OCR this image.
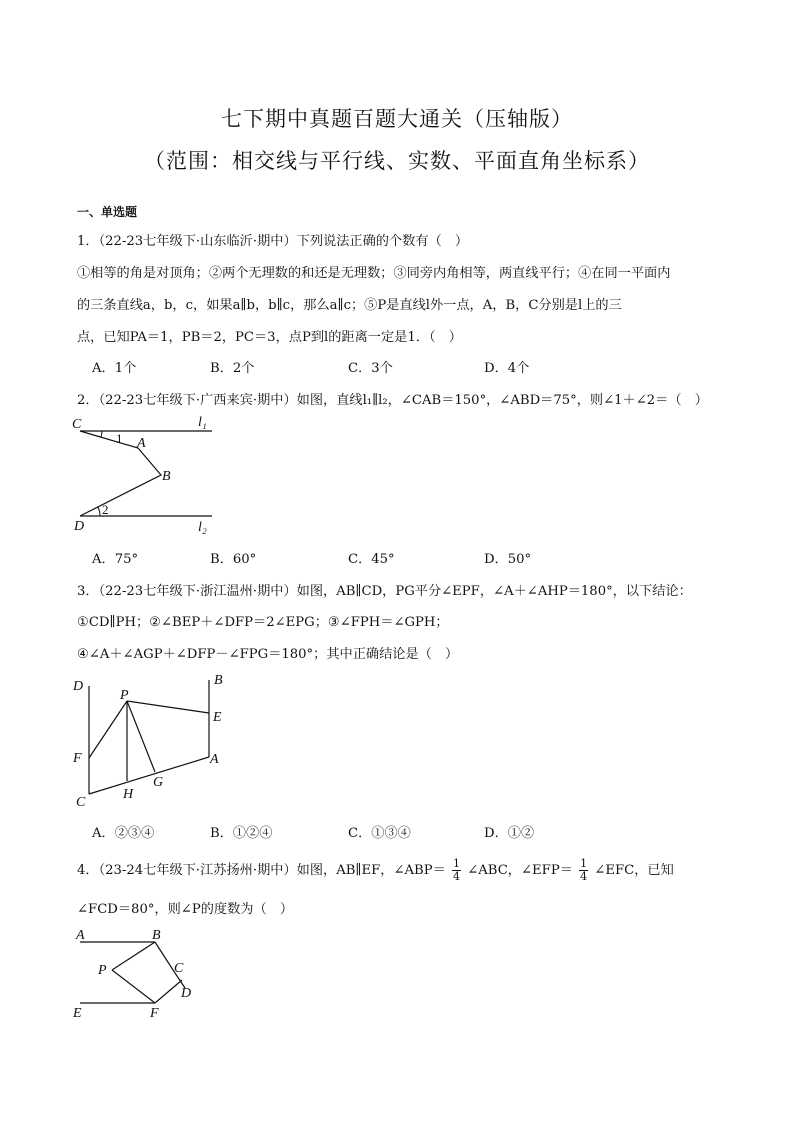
七下期中真题百题大通关（压轴版）
（范围：相交线与平行线、实数、平面直角坐标系）
一、单选题
1．（22-23七年级下·山东临沂·期中）下列说法正确的个数有（　）
①相等的角是对顶角；②两个无理数的和还是无理数；③同旁内角相等，两直线平行；④在同一平面内
的三条直线a，b，c，如果a∥b，b∥c，那么a∥c；⑤P是直线l外一点，A，B，C分别是l上的三
点，已知PA＝1，PB＝2，PC＝3，点P到l的距离一定是1．（　）
A．1个	B．2个	C．3个	D．4个
2．（22-23七年级下·广西来宾·期中）如图，直线l₁∥l₂，∠CAB＝150°，∠ABD＝75°，则∠1＋∠2＝（　）
C
A
B
D
1
2
l₁
l₂
A．75°	B．60°	C．45°	D．50°
3．（22-23七年级下·浙江温州·期中）如图，AB∥CD，PG平分∠EPF，∠A＋∠AHP＝180°，以下结论：
①CD∥PH；②∠BEP＋∠DFP＝2∠EPG；③∠FPH＝∠GPH；
④∠A＋∠AGP＋∠DFP－∠FPG＝180°；其中正确结论是（　）
D
P
B
E
F	A
G
C
H
A．②③④	B．①②④	C．①③④	D．①②
4．（23-24七年级下·江苏扬州·期中）如图，AB∥EF，∠ABP＝ $\frac{1}{4}$ ∠ABC，∠EFP＝ $\frac{1}{4}$ ∠EFC，已知
∠FCD＝80°，则∠P的度数为（　）
A	B
P	C
D
E	F
